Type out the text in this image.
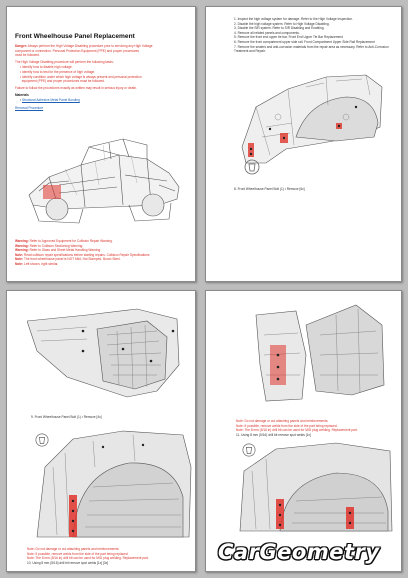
Front Wheelhouse Panel Replacement
Danger: Always perform the High Voltage Disabling procedure prior to servicing any High Voltage
component or connection. Personal Protection Equipment (PPE) and proper procedures
must be followed.
The High Voltage Disabling procedure will perform the following tasks:
• Identify how to disable high voltage.
• Identify how to test for the presence of high voltage.
• Identify condition under which high voltage is always present and personal protection
equipment (PPE) and proper procedures must be followed.
Failure to follow the procedures exactly as written may result in serious injury or death.
Materials
• Structural Adhesive Metal Panel Bonding
Removal Procedure
Warning: Refer to Approved Equipment for Collision Repair Warning.
Warning: Refer to Collision Sectioning Warning.
Warning: Refer to Glass and Sheet Metal Handling Warning.
Note: Read collision repair specifications before starting repairs. Collision Repair Specifications
Note: The front wheelhouse panel is NOT Mild, Hot Stamped, Boron Steel.
Note: Left shown, right similar.
1. Inspect the high voltage system for damage. Refer to the High Voltage Inspection.
2. Disable the high voltage system. Refer to High Voltage Disabling.
3. Disable the SIR system. Refer to SIR Disabling and Enabling.
4. Remove all related panels and components.
5. Remove the front end upper tie bar. Front End Upper Tie Bar Replacement
6. Remove the front compartment upper side rail. Front Compartment Upper Side Rail Replacement
7. Remove the sealers and anti-corrosion materials from the repair area as necessary. Refer to Anti-Corrosion Treatment and Repair.
8. Front Wheelhouse Panel Bolt (1) • Remove [6x]
9. Front Wheelhouse Panel Bolt (1) • Remove [4x]
Note: Do not damage or cut attaching panels and reinforcements.
Note: If possible, remove welds from the side of the part being replaced.
Note: The 8 mm (5/16 in) drill bit can be used for MIG plug welding. Replacement part.
10. Using 8 mm (5/16) drill bit remove spot welds [1x] [3x]
Note: Do not damage or cut attaching panels and reinforcements.
Note: If possible, remove welds from the side of the part being replaced.
Note: The 8 mm (5/16 in) drill bit can be used for MIG plug welding. Replacement part.
11. Using 8 mm (5/16) drill bit remove spot welds [1x]
CarGeometry
